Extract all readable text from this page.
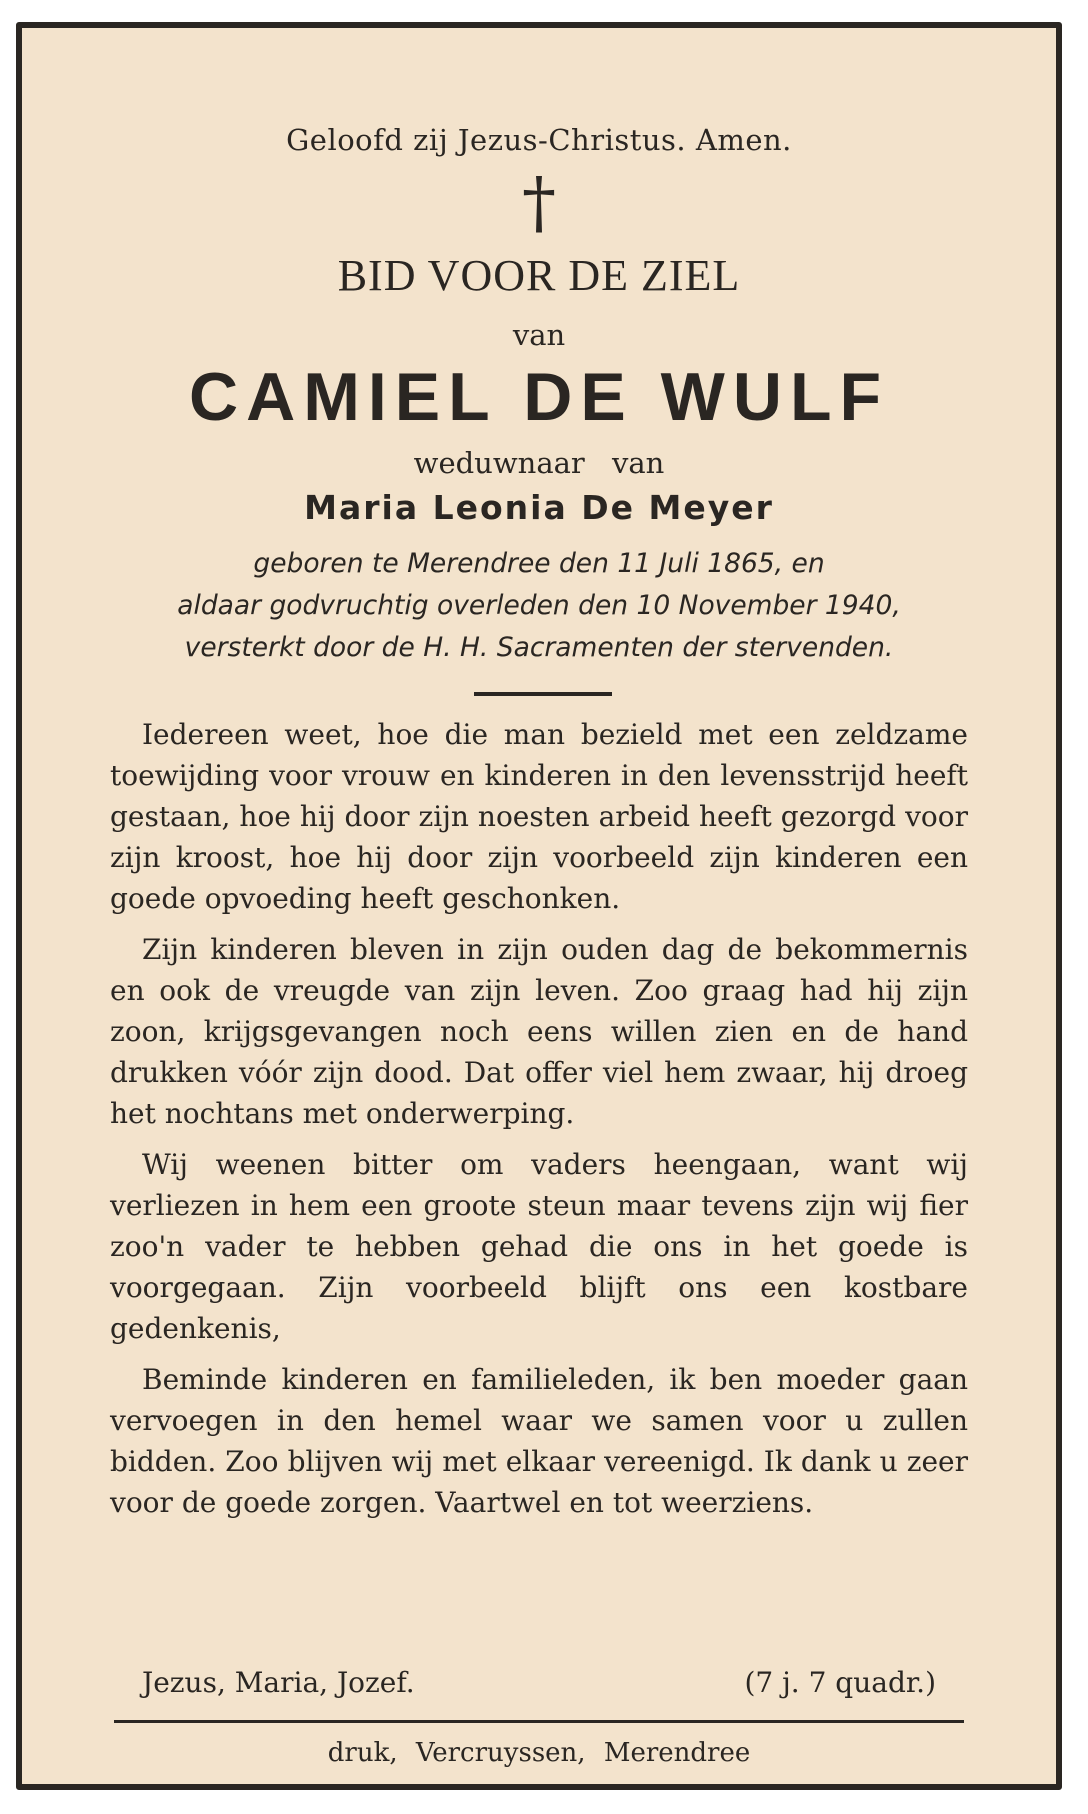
Geloofd zij Jezus-Christus. Amen.
†
BID VOOR DE ZIEL
van
CAMIEL DE WULF
weduwnaar van
Maria Leonia De Meyer
geboren te Merendree den 11 Juli 1865, en
aldaar godvruchtig overleden den 10 November 1940,
versterkt door de H. H. Sacramenten der stervenden.

Iedereen weet, hoe die man bezield met een zeldzame toewijding voor vrouw en kinderen in den levensstrijd heeft gestaan, hoe hij door zijn noesten arbeid heeft gezorgd voor zijn kroost, hoe hij door zijn voorbeeld zijn kinderen een goede opvoeding heeft geschonken.

Zijn kinderen bleven in zijn ouden dag de bekommernis en ook de vreugde van zijn leven. Zoo graag had hij zijn zoon, krijgsgevangen noch eens willen zien en de hand drukken vóór zijn dood. Dat offer viel hem zwaar, hij droeg het nochtans met onderwerping.

Wij weenen bitter om vaders heengaan, want wij verliezen in hem een groote steun maar tevens zijn wij fier zoo'n vader te hebben gehad die ons in het goede is voorgegaan. Zijn voorbeeld blijft ons een kostbare gedenkenis,

Beminde kinderen en familieleden, ik ben moeder gaan vervoegen in den hemel waar we samen voor u zullen bidden. Zoo blijven wij met elkaar vereenigd. Ik dank u zeer voor de goede zorgen. Vaartwel en tot weerziens.

Jezus, Maria, Jozef.	(7 j. 7 quadr.)
druk, Vercruyssen, Merendree
